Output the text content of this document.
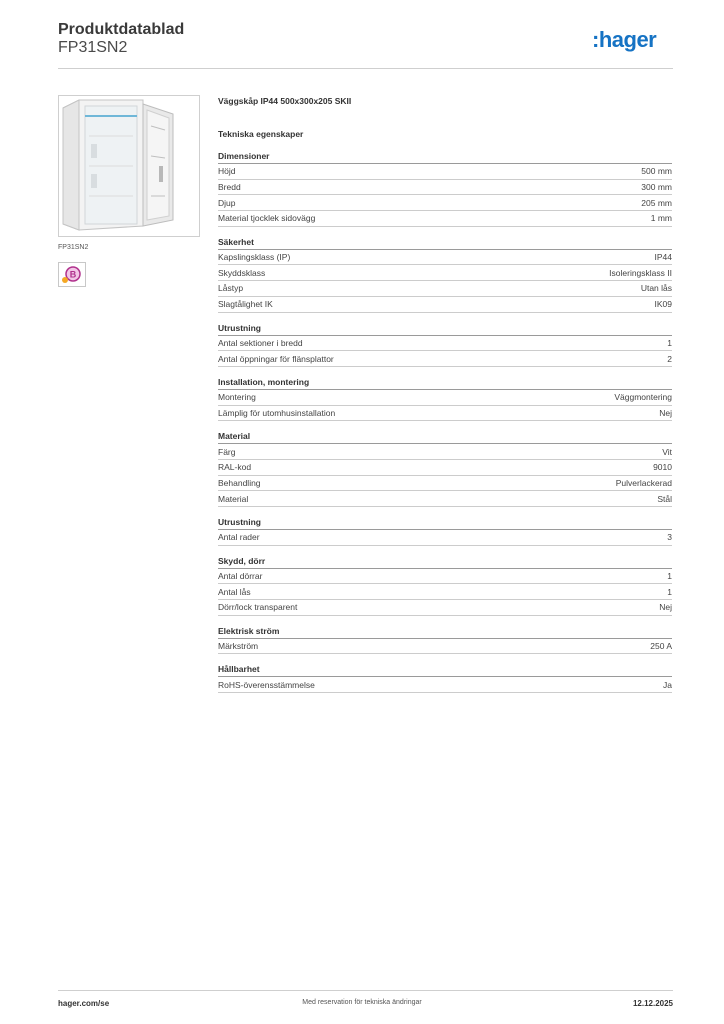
Produktdatablad
FP31SN2	:hager
FP31SN2
B
Väggskåp IP44 500x300x205 SKII
Tekniska egenskaper
Dimensioner
Höjd	500 mm
Bredd	300 mm
Djup	205 mm
Material tjocklek sidovägg	1 mm
Säkerhet
Kapslingsklass (IP)	IP44
Skyddsklass	Isoleringsklass II
Låstyp	Utan lås
Slagtålighet IK	IK09
Utrustning
Antal sektioner i bredd	1
Antal öppningar för flänsplattor	2
Installation, montering
Montering	Väggmontering
Lämplig för utomhusinstallation	Nej
Material
Färg	Vit
RAL-kod	9010
Behandling	Pulverlackerad
Material	Stål
Utrustning
Antal rader	3
Skydd, dörr
Antal dörrar	1
Antal lås	1
Dörr/lock transparent	Nej
Elektrisk ström
Märkström	250 A
Hållbarhet
RoHS-överensstämmelse	Ja
hager.com/se	Med reservation för tekniska ändringar	12.12.2025
